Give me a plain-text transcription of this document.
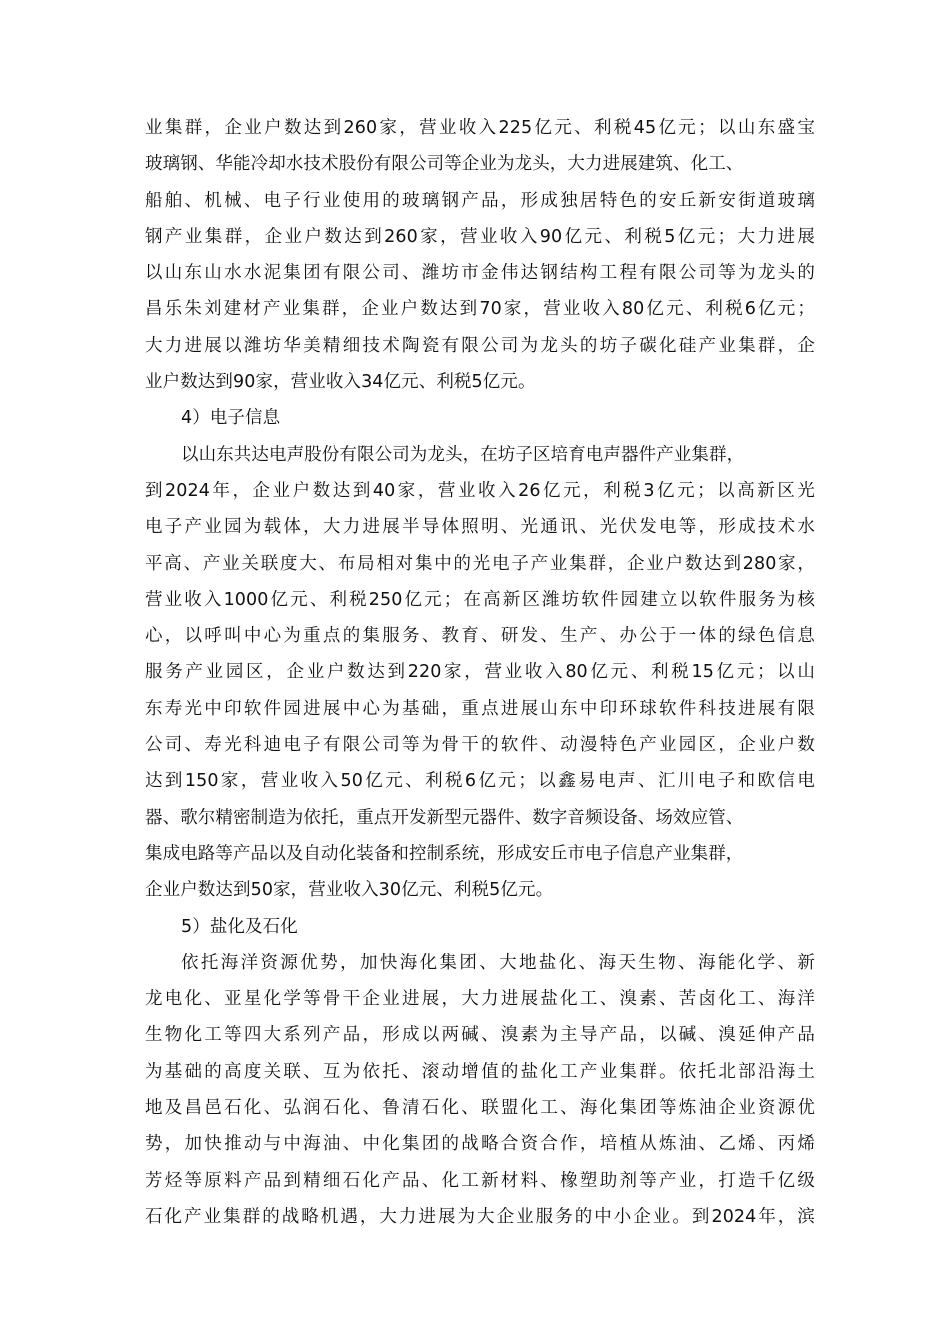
业集群，企业户数达到260家，营业收入225亿元、利税45亿元；以山东盛宝
玻璃钢、华能冷却水技术股份有限公司等企业为龙头，大力进展建筑、化工、
船舶、机械、电子行业使用的玻璃钢产品，形成独居特色的安丘新安街道玻璃
钢产业集群，企业户数达到260家，营业收入90亿元、利税5亿元；大力进展
以山东山水水泥集团有限公司、潍坊市金伟达钢结构工程有限公司等为龙头的
昌乐朱刘建材产业集群，企业户数达到70家，营业收入80亿元、利税6亿元；
大力进展以潍坊华美精细技术陶瓷有限公司为龙头的坊子碳化硅产业集群，企
业户数达到90家，营业收入34亿元、利税5亿元。
4）电子信息
以山东共达电声股份有限公司为龙头，在坊子区培育电声器件产业集群，
到2024年，企业户数达到40家，营业收入26亿元，利税3亿元；以高新区光
电子产业园为载体，大力进展半导体照明、光通讯、光伏发电等，形成技术水
平高、产业关联度大、布局相对集中的光电子产业集群，企业户数达到280家，
营业收入1000亿元、利税250亿元；在高新区潍坊软件园建立以软件服务为核
心，以呼叫中心为重点的集服务、教育、研发、生产、办公于一体的绿色信息
服务产业园区，企业户数达到220家，营业收入80亿元、利税15亿元；以山
东寿光中印软件园进展中心为基础，重点进展山东中印环球软件科技进展有限
公司、寿光科迪电子有限公司等为骨干的软件、动漫特色产业园区，企业户数
达到150家，营业收入50亿元、利税6亿元；以鑫易电声、汇川电子和欧信电
器、歌尔精密制造为依托，重点开发新型元器件、数字音频设备、场效应管、
集成电路等产品以及自动化装备和控制系统，形成安丘市电子信息产业集群，
企业户数达到50家，营业收入30亿元、利税5亿元。
5）盐化及石化
依托海洋资源优势，加快海化集团、大地盐化、海天生物、海能化学、新
龙电化、亚星化学等骨干企业进展，大力进展盐化工、溴素、苦卤化工、海洋
生物化工等四大系列产品，形成以两碱、溴素为主导产品，以碱、溴延伸产品
为基础的高度关联、互为依托、滚动增值的盐化工产业集群。依托北部沿海土
地及昌邑石化、弘润石化、鲁清石化、联盟化工、海化集团等炼油企业资源优
势，加快推动与中海油、中化集团的战略合资合作，培植从炼油、乙烯、丙烯
芳烃等原料产品到精细石化产品、化工新材料、橡塑助剂等产业，打造千亿级
石化产业集群的战略机遇，大力进展为大企业服务的中小企业。到2024年，滨
